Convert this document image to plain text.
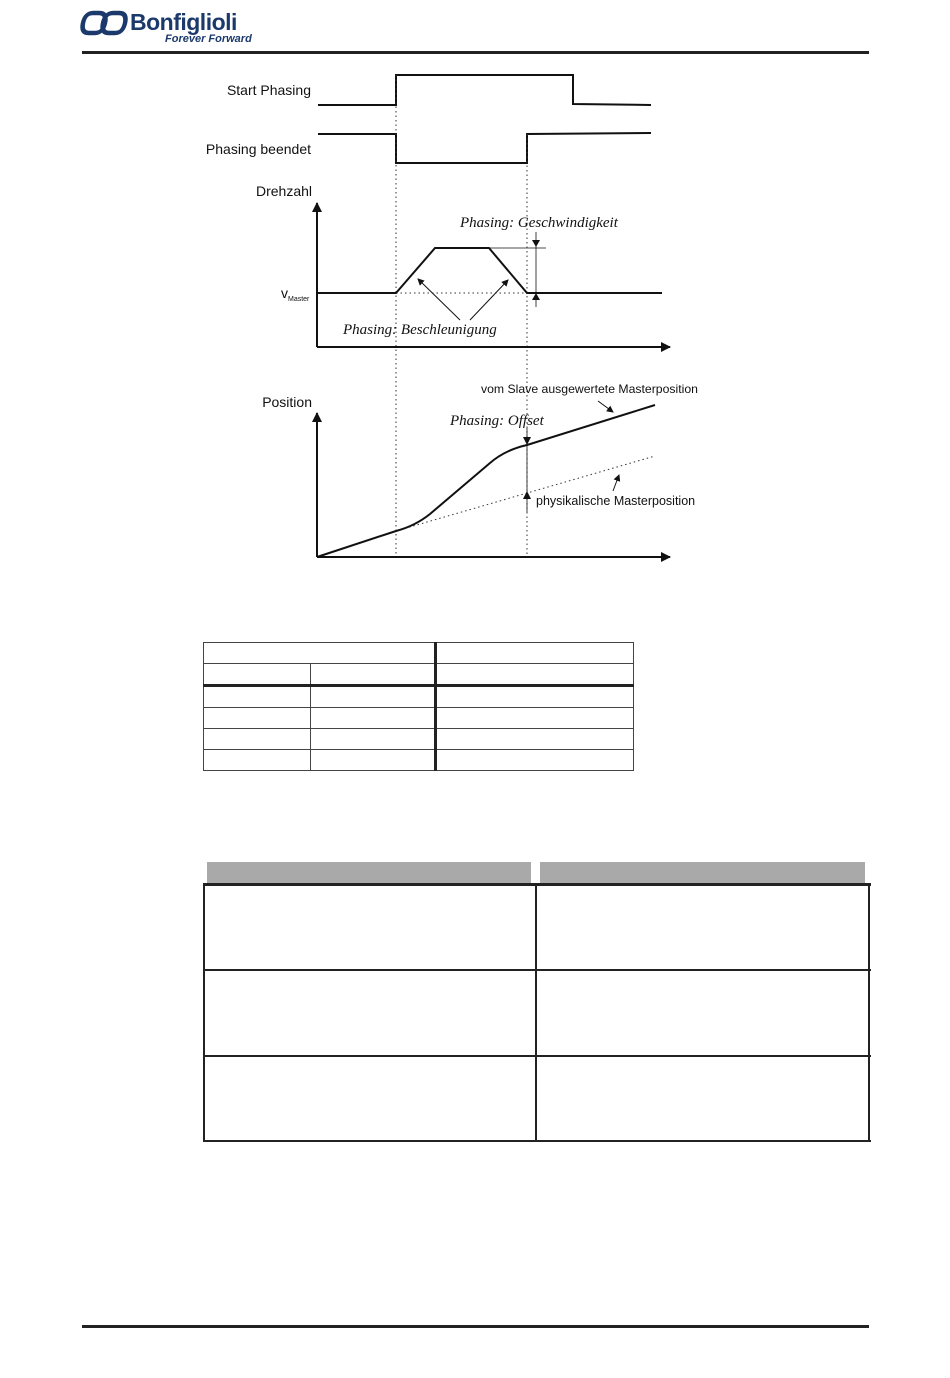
Bonfiglioli
Forever Forward
Start Phasing
Phasing beendet
Drehzahl
$v_{Master}$
Phasing: Geschwindigkeit
Phasing: Beschleunigung
Position
Phasing: Offset
vom Slave ausgewertete Masterposition
physikalische Masterposition
